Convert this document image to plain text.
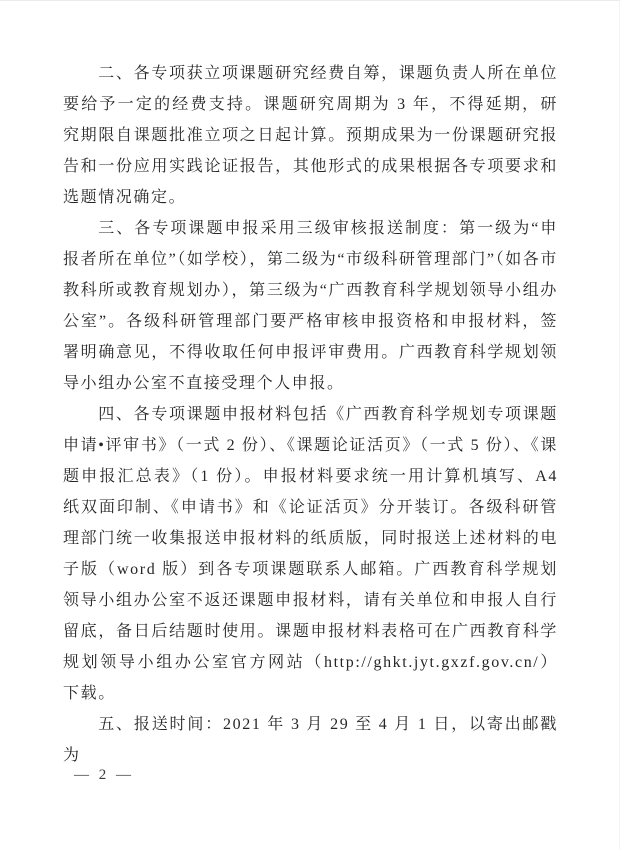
二、各专项获立项课题研究经费自筹，课题负责人所在单位要给予一定的经费支持。课题研究周期为 3 年，不得延期，研究期限自课题批准立项之日起计算。预期成果为一份课题研究报告和一份应用实践论证报告，其他形式的成果根据各专项要求和选题情况确定。

三、各专项课题申报采用三级审核报送制度：第一级为“申报者所在单位”（如学校），第二级为“市级科研管理部门”（如各市教科所或教育规划办），第三级为“广西教育科学规划领导小组办公室”。各级科研管理部门要严格审核申报资格和申报材料，签署明确意见，不得收取任何申报评审费用。广西教育科学规划领导小组办公室不直接受理个人申报。

四、各专项课题申报材料包括《广西教育科学规划专项课题申请•评审书》（一式 2 份）、《课题论证活页》（一式 5 份）、《课题申报汇总表》（1 份）。申报材料要求统一用计算机填写、A4 纸双面印制、《申请书》和《论证活页》分开装订。各级科研管理部门统一收集报送申报材料的纸质版，同时报送上述材料的电子版（word 版）到各专项课题联系人邮箱。广西教育科学规划领导小组办公室不返还课题申报材料，请有关单位和申报人自行留底，备日后结题时使用。课题申报材料表格可在广西教育科学规划领导小组办公室官方网站（http://ghkt.jyt.gxzf.gov.cn/）下载。

五、报送时间：2021 年 3 月 29 至 4 月 1 日，以寄出邮戳为

— 2 —
